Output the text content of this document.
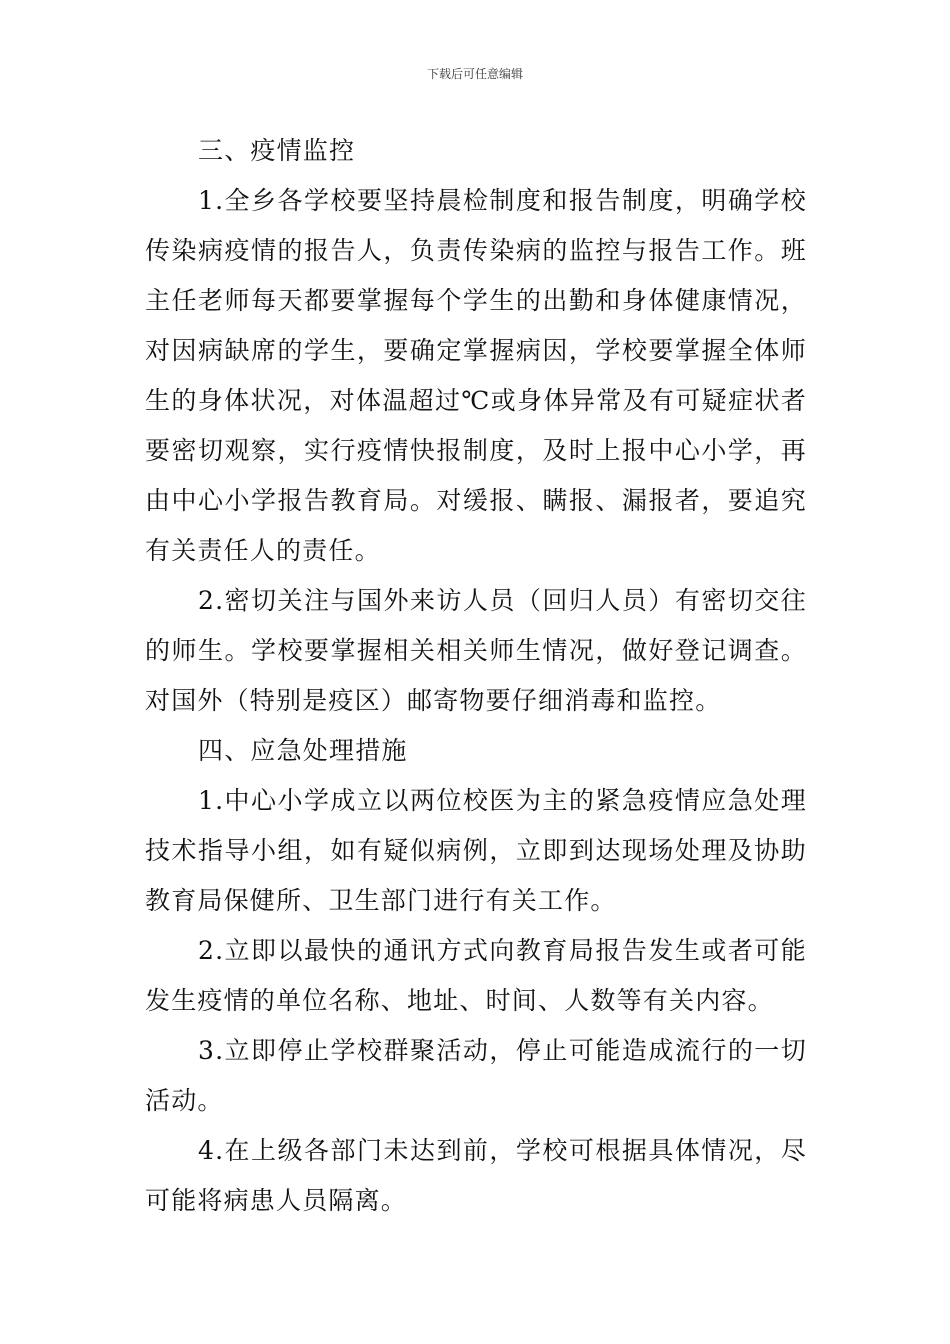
下载后可任意编辑

三、疫情监控

1.全乡各学校要坚持晨检制度和报告制度，明确学校传染病疫情的报告人，负责传染病的监控与报告工作。班主任老师每天都要掌握每个学生的出勤和身体健康情况，对因病缺席的学生，要确定掌握病因，学校要掌握全体师生的身体状况，对体温超过℃或身体异常及有可疑症状者要密切观察，实行疫情快报制度，及时上报中心小学，再由中心小学报告教育局。对缓报、瞒报、漏报者，要追究有关责任人的责任。

2.密切关注与国外来访人员（回归人员）有密切交往的师生。学校要掌握相关相关师生情况，做好登记调查。对国外（特别是疫区）邮寄物要仔细消毒和监控。

四、应急处理措施

1.中心小学成立以两位校医为主的紧急疫情应急处理技术指导小组，如有疑似病例，立即到达现场处理及协助教育局保健所、卫生部门进行有关工作。

2.立即以最快的通讯方式向教育局报告发生或者可能发生疫情的单位名称、地址、时间、人数等有关内容。

3.立即停止学校群聚活动，停止可能造成流行的一切活动。

4.在上级各部门未达到前，学校可根据具体情况，尽可能将病患人员隔离。
